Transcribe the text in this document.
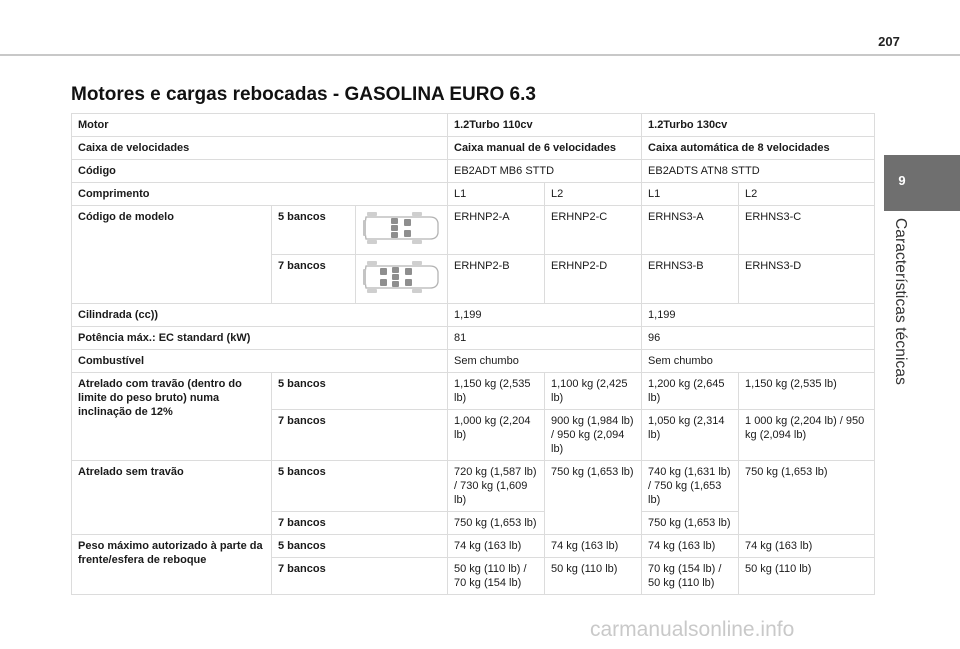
207
9
Características técnicas
Motores e cargas rebocadas - GASOLINA EURO 6.3
Motor			1.2Turbo 110cv		1.2Turbo 130cv	
Caixa de velocidades			Caixa manual de 6 velocidades		Caixa automática de 8 velocidades	
Código			EB2ADT MB6 STTD		EB2ADTS ATN8 STTD	
Comprimento			L1	L2	L1	L2
Código de modelo	5 bancos		ERHNP2-A	ERHNP2-C	ERHNS3-A	ERHNS3-C
	7 bancos		ERHNP2-B	ERHNP2-D	ERHNS3-B	ERHNS3-D
Cilindrada (cc))			1,199		1,199	
Potência máx.: EC standard (kW)			81		96	
Combustível			Sem chumbo		Sem chumbo	
Atrelado com travão (dentro do limite do peso bruto) numa inclinação de 12%	5 bancos		1,150 kg (2,535 lb)	1,100 kg (2,425 lb)	1,200 kg (2,645 lb)	1,150 kg (2,535 lb)
	7 bancos		1,000 kg (2,204 lb)	900 kg (1,984 lb) / 950 kg (2,094 lb)	1,050 kg (2,314 lb)	1 000 kg (2,204 lb) / 950 kg (2,094 lb)
Atrelado sem travão	5 bancos		720 kg (1,587 lb) / 730 kg (1,609 lb)	750 kg (1,653 lb)	740 kg (1,631 lb) / 750 kg (1,653 lb)	750 kg (1,653 lb)
	7 bancos		750 kg (1,653 lb)		750 kg (1,653 lb)	
Peso máximo autorizado à parte da frente/esfera de reboque	5 bancos		74 kg (163 lb)	74 kg (163 lb)	74 kg (163 lb)	74 kg (163 lb)
	7 bancos		50 kg (110 lb) / 70 kg (154 lb)	50 kg (110 lb)	70 kg (154 lb) / 50 kg (110 lb)	50 kg (110 lb)
carmanualsonline.info
